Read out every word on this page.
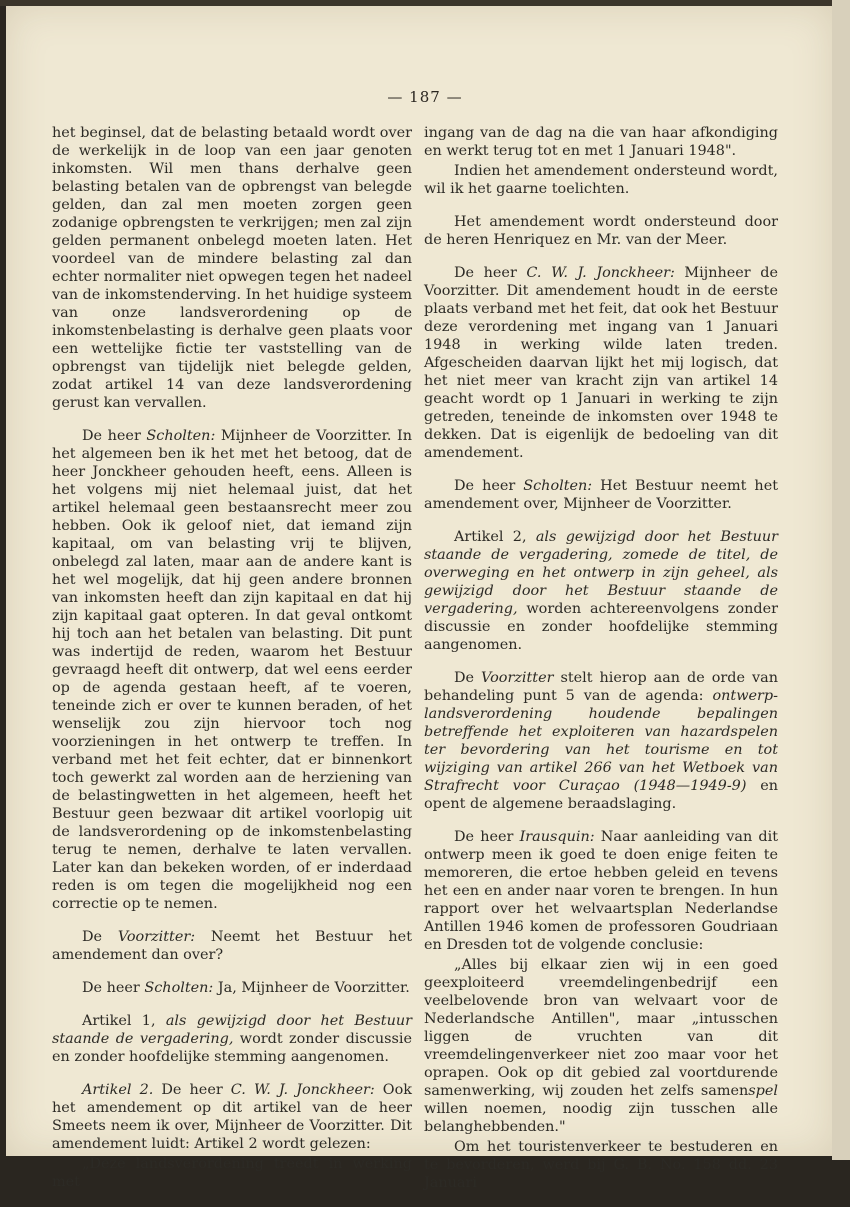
— 187 —

het beginsel, dat de belasting betaald wordt over de werkelijk in de loop van een jaar genoten inkomsten. Wil men thans derhalve geen belasting betalen van de opbrengst van belegde gelden, dan zal men moeten zorgen geen zodanige opbrengsten te verkrijgen; men zal zijn gelden permanent onbelegd moeten laten. Het voordeel van de mindere belasting zal dan echter normaliter niet opwegen tegen het nadeel van de inkomstenderving. In het huidige systeem van onze landsverordening op de inkomstenbelasting is derhalve geen plaats voor een wettelijke fictie ter vaststelling van de opbrengst van tijdelijk niet belegde gelden, zodat artikel 14 van deze landsverordening gerust kan vervallen.

De heer Scholten: Mijnheer de Voorzitter. In het algemeen ben ik het met het betoog, dat de heer Jonckheer gehouden heeft, eens. Alleen is het volgens mij niet helemaal juist, dat het artikel helemaal geen bestaansrecht meer zou hebben. Ook ik geloof niet, dat iemand zijn kapitaal, om van belasting vrij te blijven, onbelegd zal laten, maar aan de andere kant is het wel mogelijk, dat hij geen andere bronnen van inkomsten heeft dan zijn kapitaal en dat hij zijn kapitaal gaat opteren. In dat geval ontkomt hij toch aan het betalen van belasting. Dit punt was indertijd de reden, waarom het Bestuur gevraagd heeft dit ontwerp, dat wel eens eerder op de agenda gestaan heeft, af te voeren, teneinde zich er over te kunnen beraden, of het wenselijk zou zijn hiervoor toch nog voorzieningen in het ontwerp te treffen. In verband met het feit echter, dat er binnenkort toch gewerkt zal worden aan de herziening van de belastingwetten in het algemeen, heeft het Bestuur geen bezwaar dit artikel voorlopig uit de landsverordening op de inkomstenbelasting terug te nemen, derhalve te laten vervallen. Later kan dan bekeken worden, of er inderdaad reden is om tegen die mogelijkheid nog een correctie op te nemen.

De Voorzitter: Neemt het Bestuur het amendement dan over?

De heer Scholten: Ja, Mijnheer de Voorzitter.

Artikel 1, als gewijzigd door het Bestuur staande de vergadering, wordt zonder discussie en zonder hoofdelijke stemming aangenomen.

Artikel 2. De heer C. W. J. Jonckheer: Ook het amendement op dit artikel van de heer Smeets neem ik over, Mijnheer de Voorzitter. Dit amendement luidt: Artikel 2 wordt gelezen:

„Deze landsverordening treedt in werking met

ingang van de dag na die van haar afkondiging en werkt terug tot en met 1 Januari 1948".

Indien het amendement ondersteund wordt, wil ik het gaarne toelichten.

Het amendement wordt ondersteund door de heren Henriquez en Mr. van der Meer.

De heer C. W. J. Jonckheer: Mijnheer de Voorzitter. Dit amendement houdt in de eerste plaats verband met het feit, dat ook het Bestuur deze verordening met ingang van 1 Januari 1948 in werking wilde laten treden. Afgescheiden daarvan lijkt het mij logisch, dat het niet meer van kracht zijn van artikel 14 geacht wordt op 1 Januari in werking te zijn getreden, teneinde de inkomsten over 1948 te dekken. Dat is eigenlijk de bedoeling van dit amendement.

De heer Scholten: Het Bestuur neemt het amendement over, Mijnheer de Voorzitter.

Artikel 2, als gewijzigd door het Bestuur staande de vergadering, zomede de titel, de overweging en het ontwerp in zijn geheel, als gewijzigd door het Bestuur staande de vergadering, worden achtereenvolgens zonder discussie en zonder hoofdelijke stemming aangenomen.

De Voorzitter stelt hierop aan de orde van behandeling punt 5 van de agenda: ontwerp-landsverordening houdende bepalingen betreffende het exploiteren van hazardspelen ter bevordering van het tourisme en tot wijziging van artikel 266 van het Wetboek van Strafrecht voor Curaçao (1948—1949-9) en opent de algemene beraadslaging.

De heer Irausquin: Naar aanleiding van dit ontwerp meen ik goed te doen enige feiten te memoreren, die ertoe hebben geleid en tevens het een en ander naar voren te brengen. In hun rapport over het welvaartsplan Nederlandse Antillen 1946 komen de professoren Goudriaan en Dresden tot de volgende conclusie:

„Alles bij elkaar zien wij in een goed geexploiteerd vreemdelingenbedrijf een veelbelovende bron van welvaart voor de Nederlandsche Antillen", maar „intusschen liggen de vruchten van dit vreemdelingenverkeer niet zoo maar voor het oprapen. Ook op dit gebied zal voortdurende samenwerking, wij zouden het zelfs samenspel willen noemen, noodig zijn tusschen alle belanghebbenden."

Om het touristenverkeer te bestuderen en te bevorderen, werd bij G. B. No. 158 dd. 23 Januari
